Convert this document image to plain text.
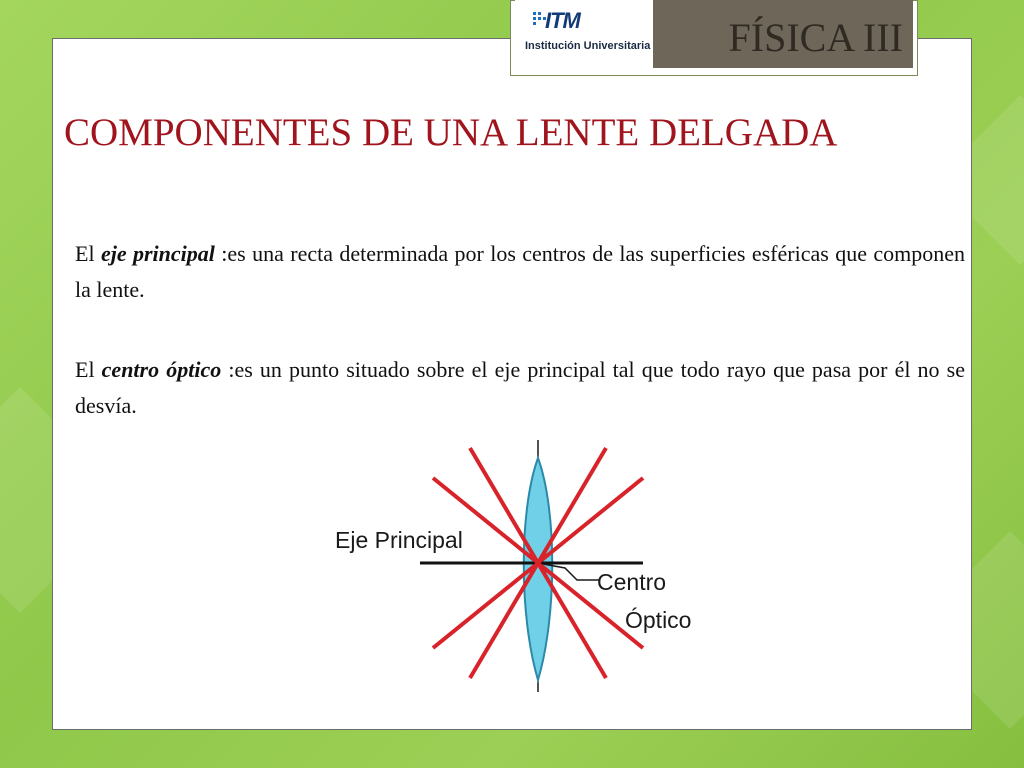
ITM
Institución Universitaria FÍSICA III
COMPONENTES DE UNA LENTE DELGADA
El eje principal :es una recta determinada por los centros de las superficies esféricas que componen la lente.
El centro óptico :es un punto situado sobre el eje principal tal que todo rayo que pasa por él no se desvía.
Eje Principal
Centro
Óptico
